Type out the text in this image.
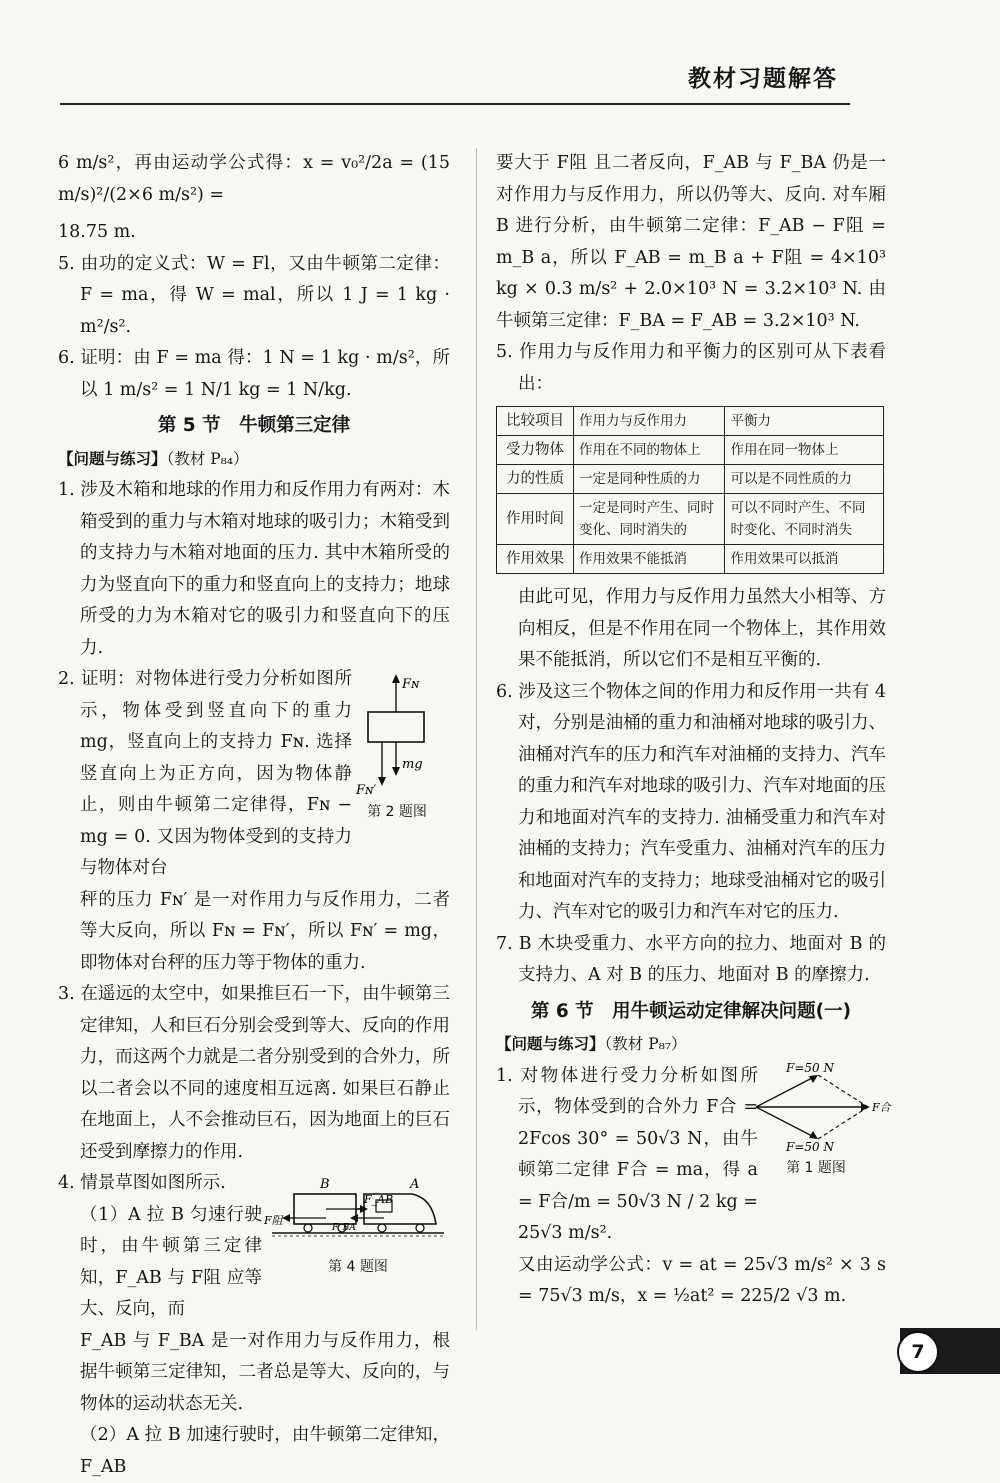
教材习题解答

6 m/s²，再由运动学公式得：x = v₀²/2a = (15 m/s)²/(2×6 m/s²) =

18.75 m.

5. 由功的定义式：W = Fl，又由牛顿第二定律：F = ma，得 W = mal，所以 1 J = 1 kg · m²/s².

6. 证明：由 F = ma 得：1 N = 1 kg · m/s²，所以 1 m/s² = 1 N/1 kg = 1 N/kg.

第 5 节　牛顿第三定律
【问题与练习】（教材 P₈₄）

1. 涉及木箱和地球的作用力和反作用力有两对：木箱受到的重力与木箱对地球的吸引力；木箱受到的支持力与木箱对地面的压力. 其中木箱所受的力为竖直向下的重力和竖直向上的支持力；地球所受的力为木箱对它的吸引力和竖直向下的压力.

2. 证明：对物体进行受力分析如图所示，物体受到竖直向下的重力 mg，竖直向上的支持力 Fɴ. 选择竖直向上为正方向，因为物体静止，则由牛顿第二定律得，Fɴ − mg = 0. 又因为物体受到的支持力与物体对台

Fɴ
mg
Fɴ′
第 2 题图

秤的压力 Fɴ′ 是一对作用力与反作用力，二者等大反向，所以 Fɴ = Fɴ′，所以 Fɴ′ = mg，即物体对台秤的压力等于物体的重力.

3. 在遥远的太空中，如果推巨石一下，由牛顿第三定律知，人和巨石分别会受到等大、反向的作用力，而这两个力就是二者分别受到的合外力，所以二者会以不同的速度相互远离. 如果巨石静止在地面上，人不会推动巨石，因为地面上的巨石还受到摩擦力的作用.

4. 情景草图如图所示.

（1）A 拉 B 匀速行驶时，由牛顿第三定律知，F_AB 与 F阻 应等大、反向，而

B	A
F_AB
F_BA
F阻
第 4 题图

F_AB 与 F_BA 是一对作用力与反作用力，根据牛顿第三定律知，二者总是等大、反向的，与物体的运动状态无关.

（2）A 拉 B 加速行驶时，由牛顿第二定律知，F_AB

要大于 F阻 且二者反向，F_AB 与 F_BA 仍是一对作用力与反作用力，所以仍等大、反向. 对车厢 B 进行分析，由牛顿第二定律：F_AB − F阻 = m_B a，所以 F_AB = m_B a + F阻 = 4×10³ kg × 0.3 m/s² + 2.0×10³ N = 3.2×10³ N. 由牛顿第三定律：F_BA = F_AB = 3.2×10³ N.

5. 作用力与反作用力和平衡力的区别可从下表看出：

比较项目	作用力与反作用力	平衡力
受力物体	作用在不同的物体上	作用在同一物体上
力的性质	一定是同种性质的力	可以是不同性质的力
作用时间	一定是同时产生、同时变化、同时消失的	可以不同时产生、不同时变化、不同时消失
作用效果	作用效果不能抵消	作用效果可以抵消

由此可见，作用力与反作用力虽然大小相等、方向相反，但是不作用在同一个物体上，其作用效果不能抵消，所以它们不是相互平衡的.

6. 涉及这三个物体之间的作用力和反作用一共有 4 对，分别是油桶的重力和油桶对地球的吸引力、油桶对汽车的压力和汽车对油桶的支持力、汽车的重力和汽车对地球的吸引力、汽车对地面的压力和地面对汽车的支持力. 油桶受重力和汽车对油桶的支持力；汽车受重力、油桶对汽车的压力和地面对汽车的支持力；地球受油桶对它的吸引力、汽车对它的吸引力和汽车对它的压力.

7. B 木块受重力、水平方向的拉力、地面对 B 的支持力、A 对 B 的压力、地面对 B 的摩擦力.

第 6 节　用牛顿运动定律解决问题(一)
【问题与练习】（教材 P₈₇）

1. 对物体进行受力分析如图所示，物体受到的合外力 F合 = 2Fcos 30° = 50√3 N，由牛顿第二定律 F合 = ma，得 a = F合/m = 50√3 N / 2 kg = 25√3 m/s².

F=50 N
F=50 N
F合
第 1 题图

又由运动学公式：v = at = 25√3 m/s² × 3 s = 75√3 m/s，x = ½at² = 225/2 √3 m.

7
